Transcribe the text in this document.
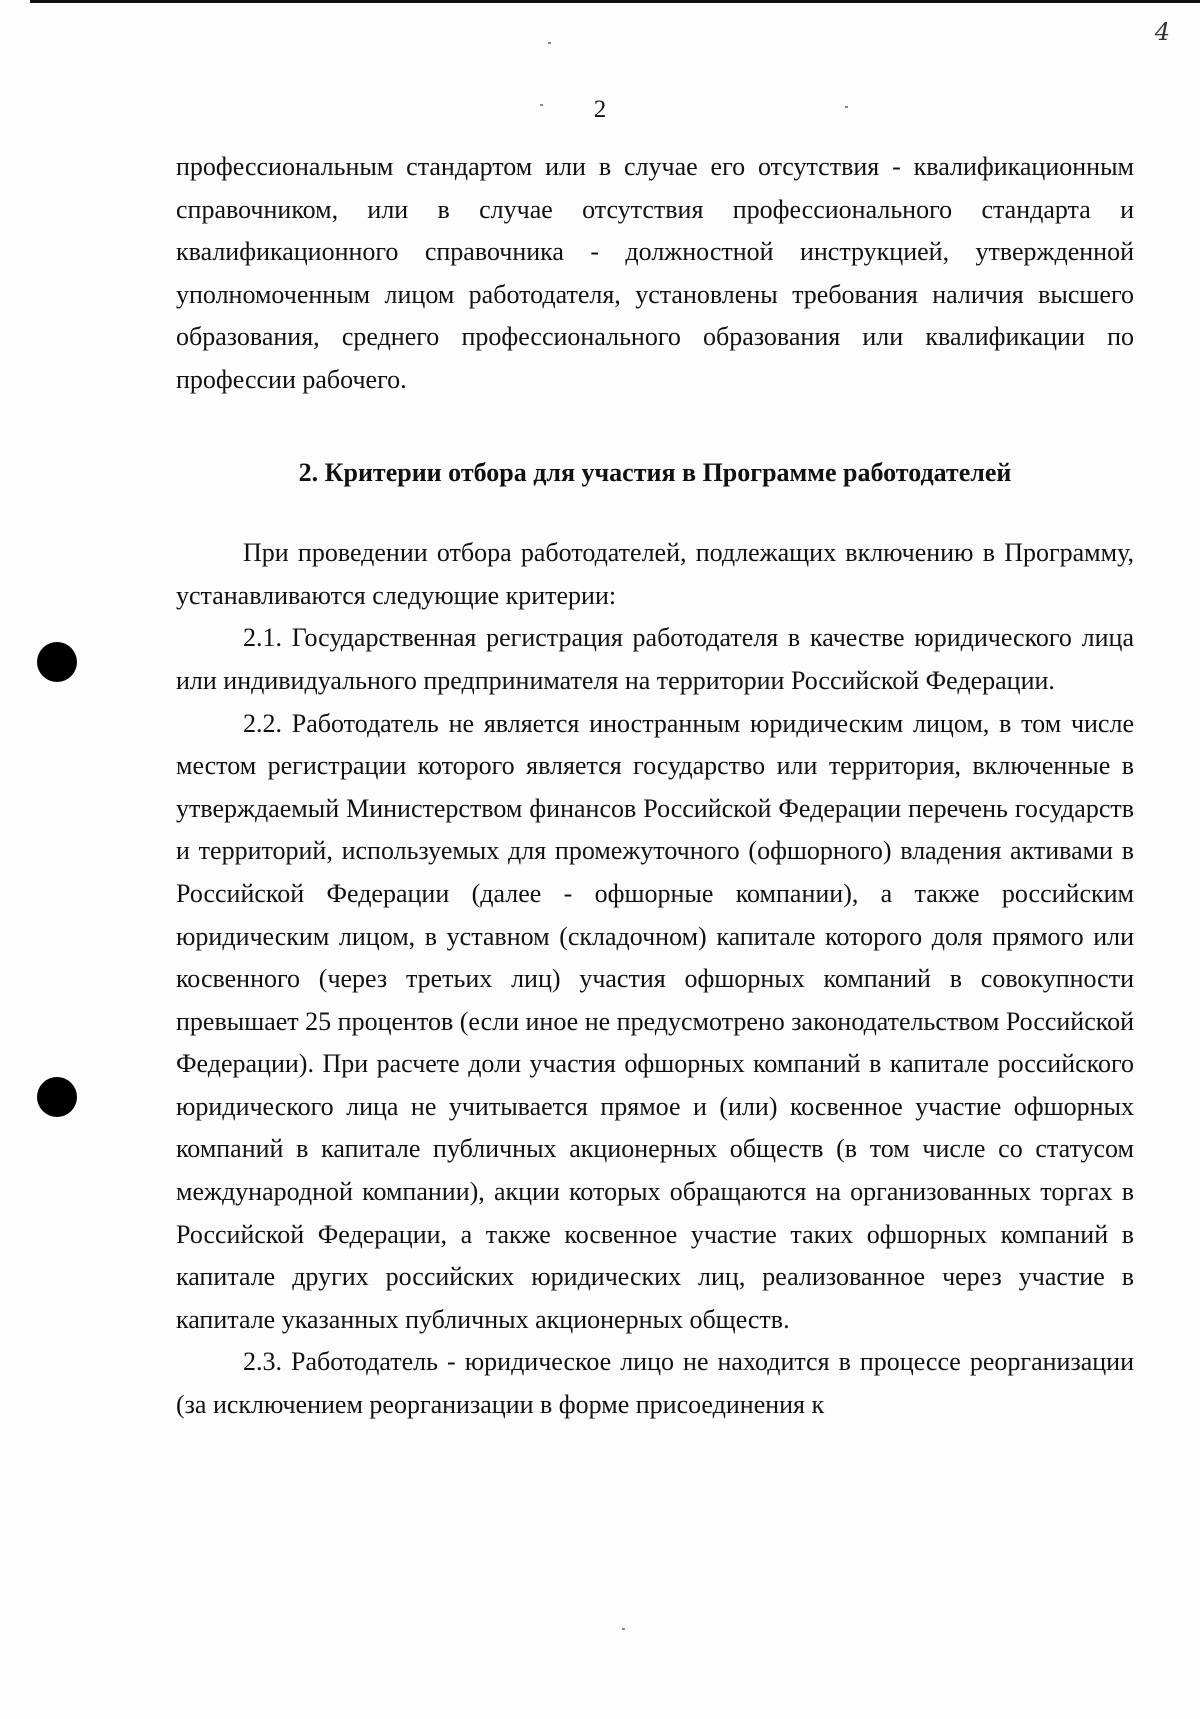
4
2

профессиональным стандартом или в случае его отсутствия - квалификационным справочником, или в случае отсутствия профессионального стандарта и квалификационного справочника - должностной инструкцией, утвержденной уполномоченным лицом работодателя, установлены требования наличия высшего образования, среднего профессионального образования или квалификации по профессии рабочего.

2. Критерии отбора для участия в Программе работодателей

При проведении отбора работодателей, подлежащих включению в Программу, устанавливаются следующие критерии:

2.1. Государственная регистрация работодателя в качестве юридического лица или индивидуального предпринимателя на территории Российской Федерации.

2.2. Работодатель не является иностранным юридическим лицом, в том числе местом регистрации которого является государство или территория, включенные в утверждаемый Министерством финансов Российской Федерации перечень государств и территорий, используемых для промежуточного (офшорного) владения активами в Российской Федерации (далее - офшорные компании), а также российским юридическим лицом, в уставном (складочном) капитале которого доля прямого или косвенного (через третьих лиц) участия офшорных компаний в совокупности превышает 25 процентов (если иное не предусмотрено законодательством Российской Федерации). При расчете доли участия офшорных компаний в капитале российского юридического лица не учитывается прямое и (или) косвенное участие офшорных компаний в капитале публичных акционерных обществ (в том числе со статусом международной компании), акции которых обращаются на организованных торгах в Российской Федерации, а также косвенное участие таких офшорных компаний в капитале других российских юридических лиц, реализованное через участие в капитале указанных публичных акционерных обществ.

2.3. Работодатель - юридическое лицо не находится в процессе реорганизации (за исключением реорганизации в форме присоединения к
